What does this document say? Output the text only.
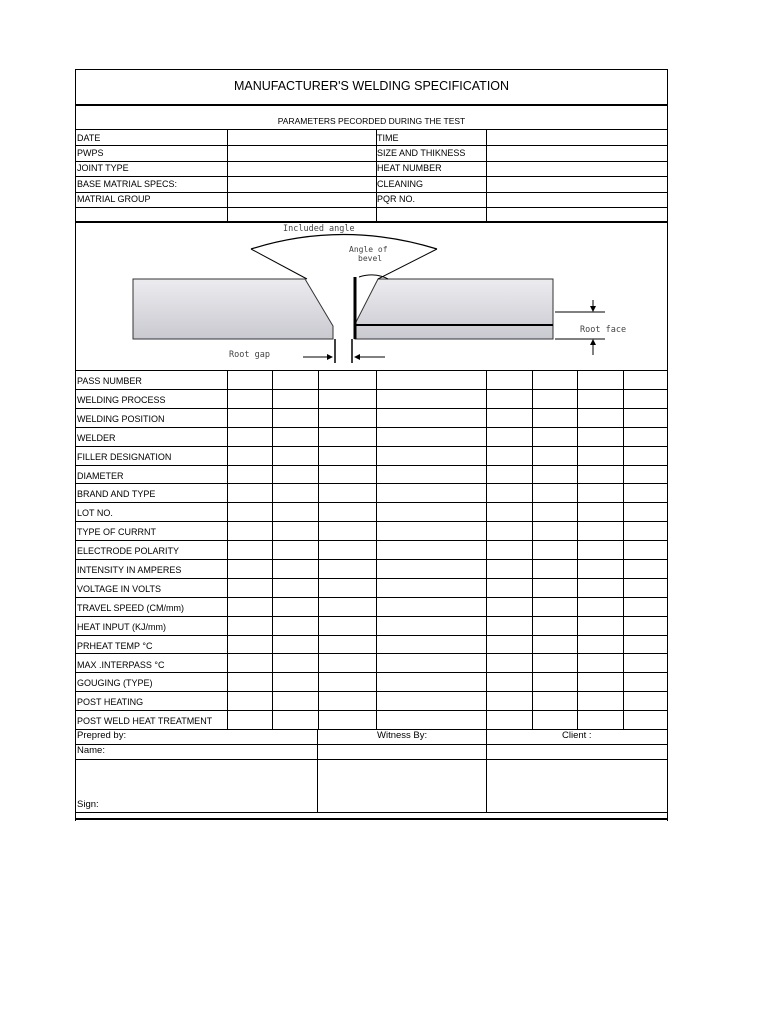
MANUFACTURER'S WELDING SPECIFICATION
PARAMETERS PECORDED DURING THE TEST
DATE	TIME
PWPS	SIZE AND THIKNESS
JOINT TYPE	HEAT NUMBER
BASE MATRIAL SPECS:	CLEANING
MATRIAL GROUP	PQR NO.
Included angle
Angle of
bevel
Root gap
Root face
PASS NUMBER
WELDING PROCESS
WELDING POSITION
WELDER
FILLER DESIGNATION
DIAMETER
BRAND AND TYPE
LOT NO.
TYPE OF CURRNT
ELECTRODE POLARITY
INTENSITY IN AMPERES
VOLTAGE IN VOLTS
TRAVEL SPEED (CM/mm)
HEAT INPUT (KJ/mm)
PRHEAT TEMP °C
MAX .INTERPASS °C
GOUGING (TYPE)
POST HEATING
POST WELD HEAT TREATMENT
Prepred by:	Witness By:	Client :
Name:
Sign:
